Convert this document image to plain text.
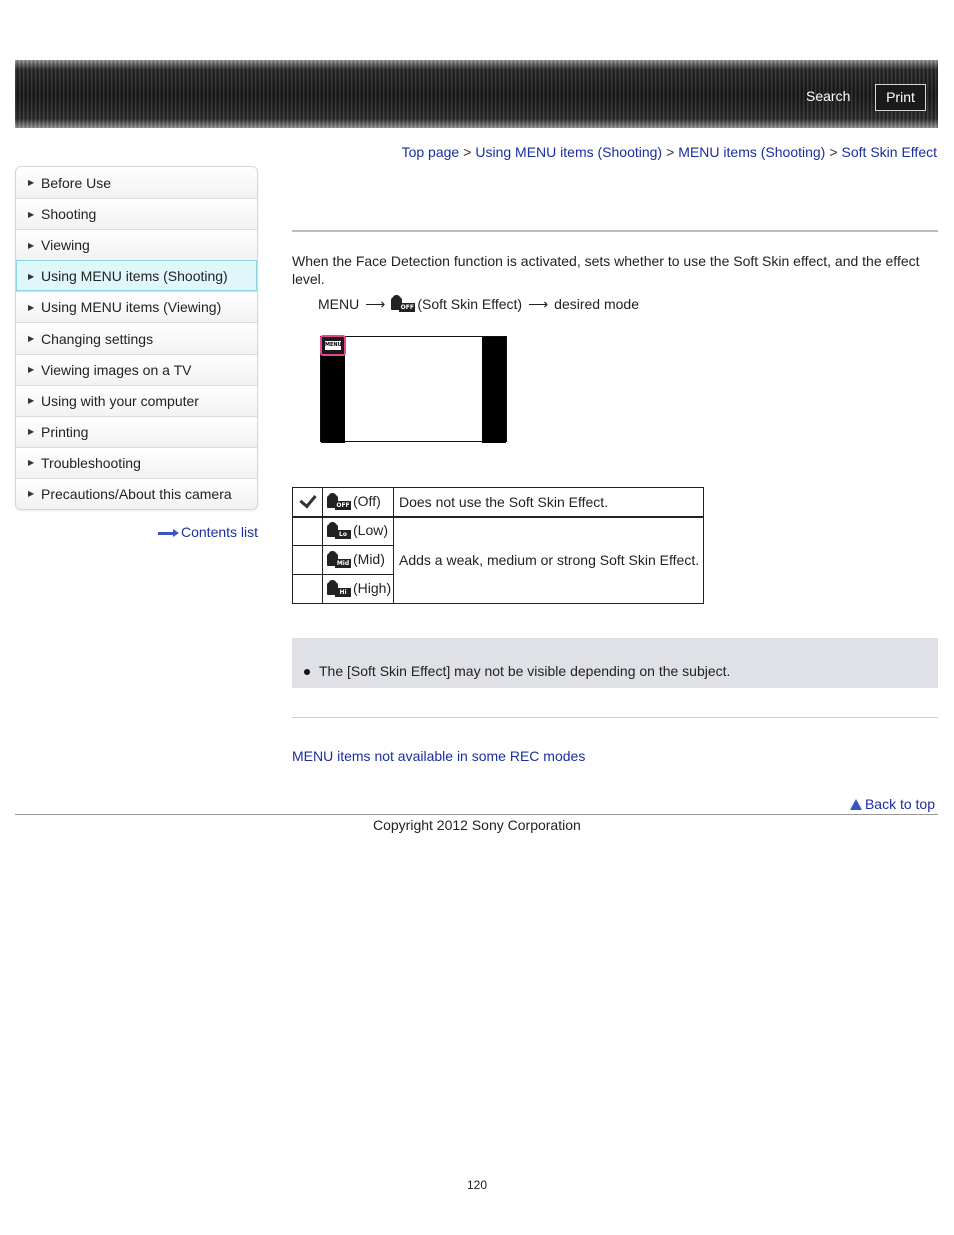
Search	Print
Top page > Using MENU items (Shooting) > MENU items (Shooting) > Soft Skin Effect
▶ Before Use
▶ Shooting
▶ Viewing
▶ Using MENU items (Shooting)
▶ Using MENU items (Viewing)
▶ Changing settings
▶ Viewing images on a TV
▶ Using with your computer
▶ Printing
▶ Troubleshooting
▶ Precautions/About this camera
Contents list
When the Face Detection function is activated, sets whether to use the Soft Skin effect, and the effect level.
MENU ⟶	OFF (Soft Skin Effect) ⟶ desired mode
MENU

	OFF (Off)	Does not use the Soft Skin Effect.

	Lo (Low)	Adds a weak, medium or strong Soft Skin Effect.

	Mid (Mid)	

	Hi (High)	
The [Soft Skin Effect] may not be visible depending on the subject.
MENU items not available in some REC modes
Back to top
Copyright 2012 Sony Corporation
120
